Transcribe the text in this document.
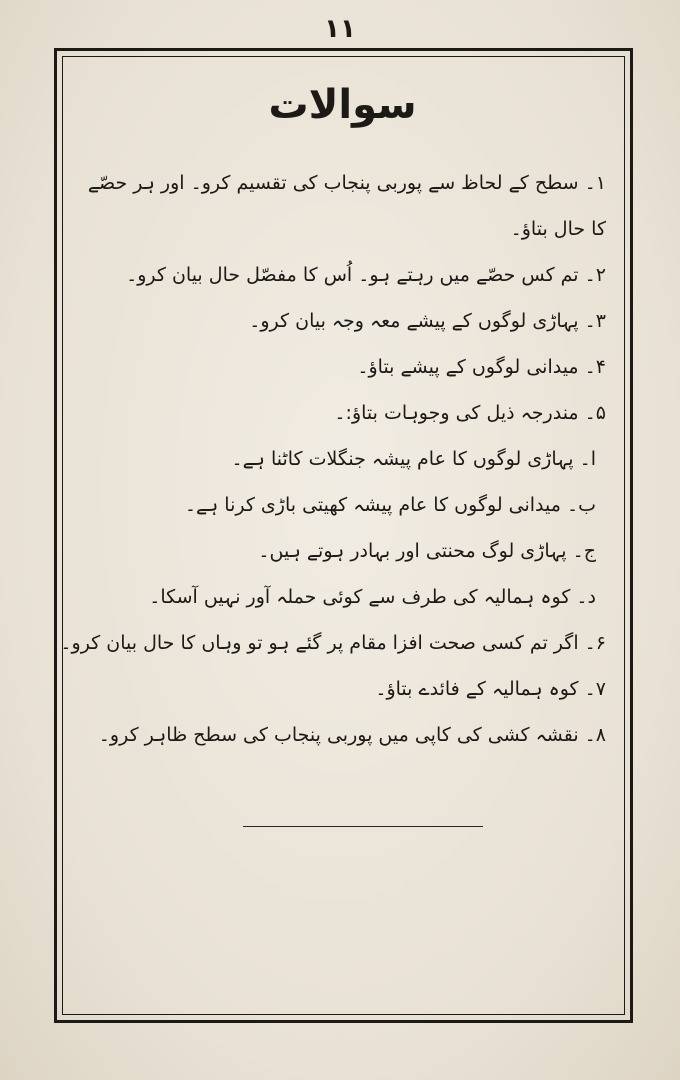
۱۱
سوالات
۱۔ سطح کے لحاظ سے پوربی پنجاب کی تقسیم کرو۔ اور ہر حصّے کا حال بتاؤ۔
۲۔ تم کس حصّے میں رہتے ہو۔ اُس کا مفصّل حال بیان کرو۔
۳۔ پہاڑی لوگوں کے پیشے معہ وجہ بیان کرو۔
۴۔ میدانی لوگوں کے پیشے بتاؤ۔
۵۔ مندرجہ ذیل کی وجوہات بتاؤ:۔
ا۔ پہاڑی لوگوں کا عام پیشہ جنگلات کاٹنا ہے۔
ب۔ میدانی لوگوں کا عام پیشہ کھیتی باڑی کرنا ہے۔
ج۔ پہاڑی لوگ محنتی اور بہادر ہوتے ہیں۔
د۔ کوہ ہمالیہ کی طرف سے کوئی حملہ آور نہیں آسکا۔
۶۔ اگر تم کسی صحت افزا مقام پر گئے ہو تو وہاں کا حال بیان کرو۔
۷۔ کوہ ہمالیہ کے فائدے بتاؤ۔
۸۔ نقشہ کشی کی کاپی میں پوربی پنجاب کی سطح ظاہر کرو۔
